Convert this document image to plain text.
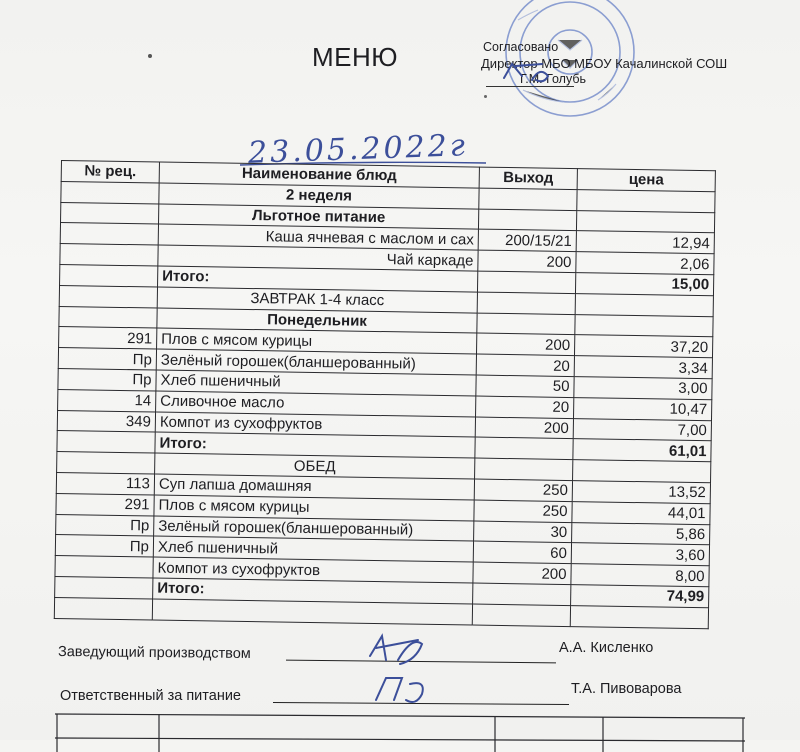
МЕНЮ	Согласовано
Директор МБО МБОУ Качалинской СОШ
Г.М. Голубь
23.05.2022г
№ рец.	Наименование блюд	Выход	цена
	2 неделя		
	Льготное питание		
	Каша ячневая с маслом и сах	200/15/21	12,94
	Чай каркаде	200	2,06
	Итого:		15,00
	ЗАВТРАК 1-4 класс		
	Понедельник		
291	Плов с мясом курицы	200	37,20
Пр	Зелёный горошек(бланшерованный)	20	3,34
Пр	Хлеб пшеничный	50	3,00
14	Сливочное масло	20	10,47
349	Компот из сухофруктов	200	7,00
	Итого:		61,01
	ОБЕД		
113	Суп лапша домашняя	250	13,52
291	Плов с мясом курицы	250	44,01
Пр	Зелёный горошек(бланшерованный)	30	5,86
Пр	Хлеб пшеничный	60	3,60
	Компот из сухофруктов	200	8,00
	Итого:		74,99

Заведующий производством	А.А. Кисленко
Ответственный за питание	Т.А. Пивоварова
